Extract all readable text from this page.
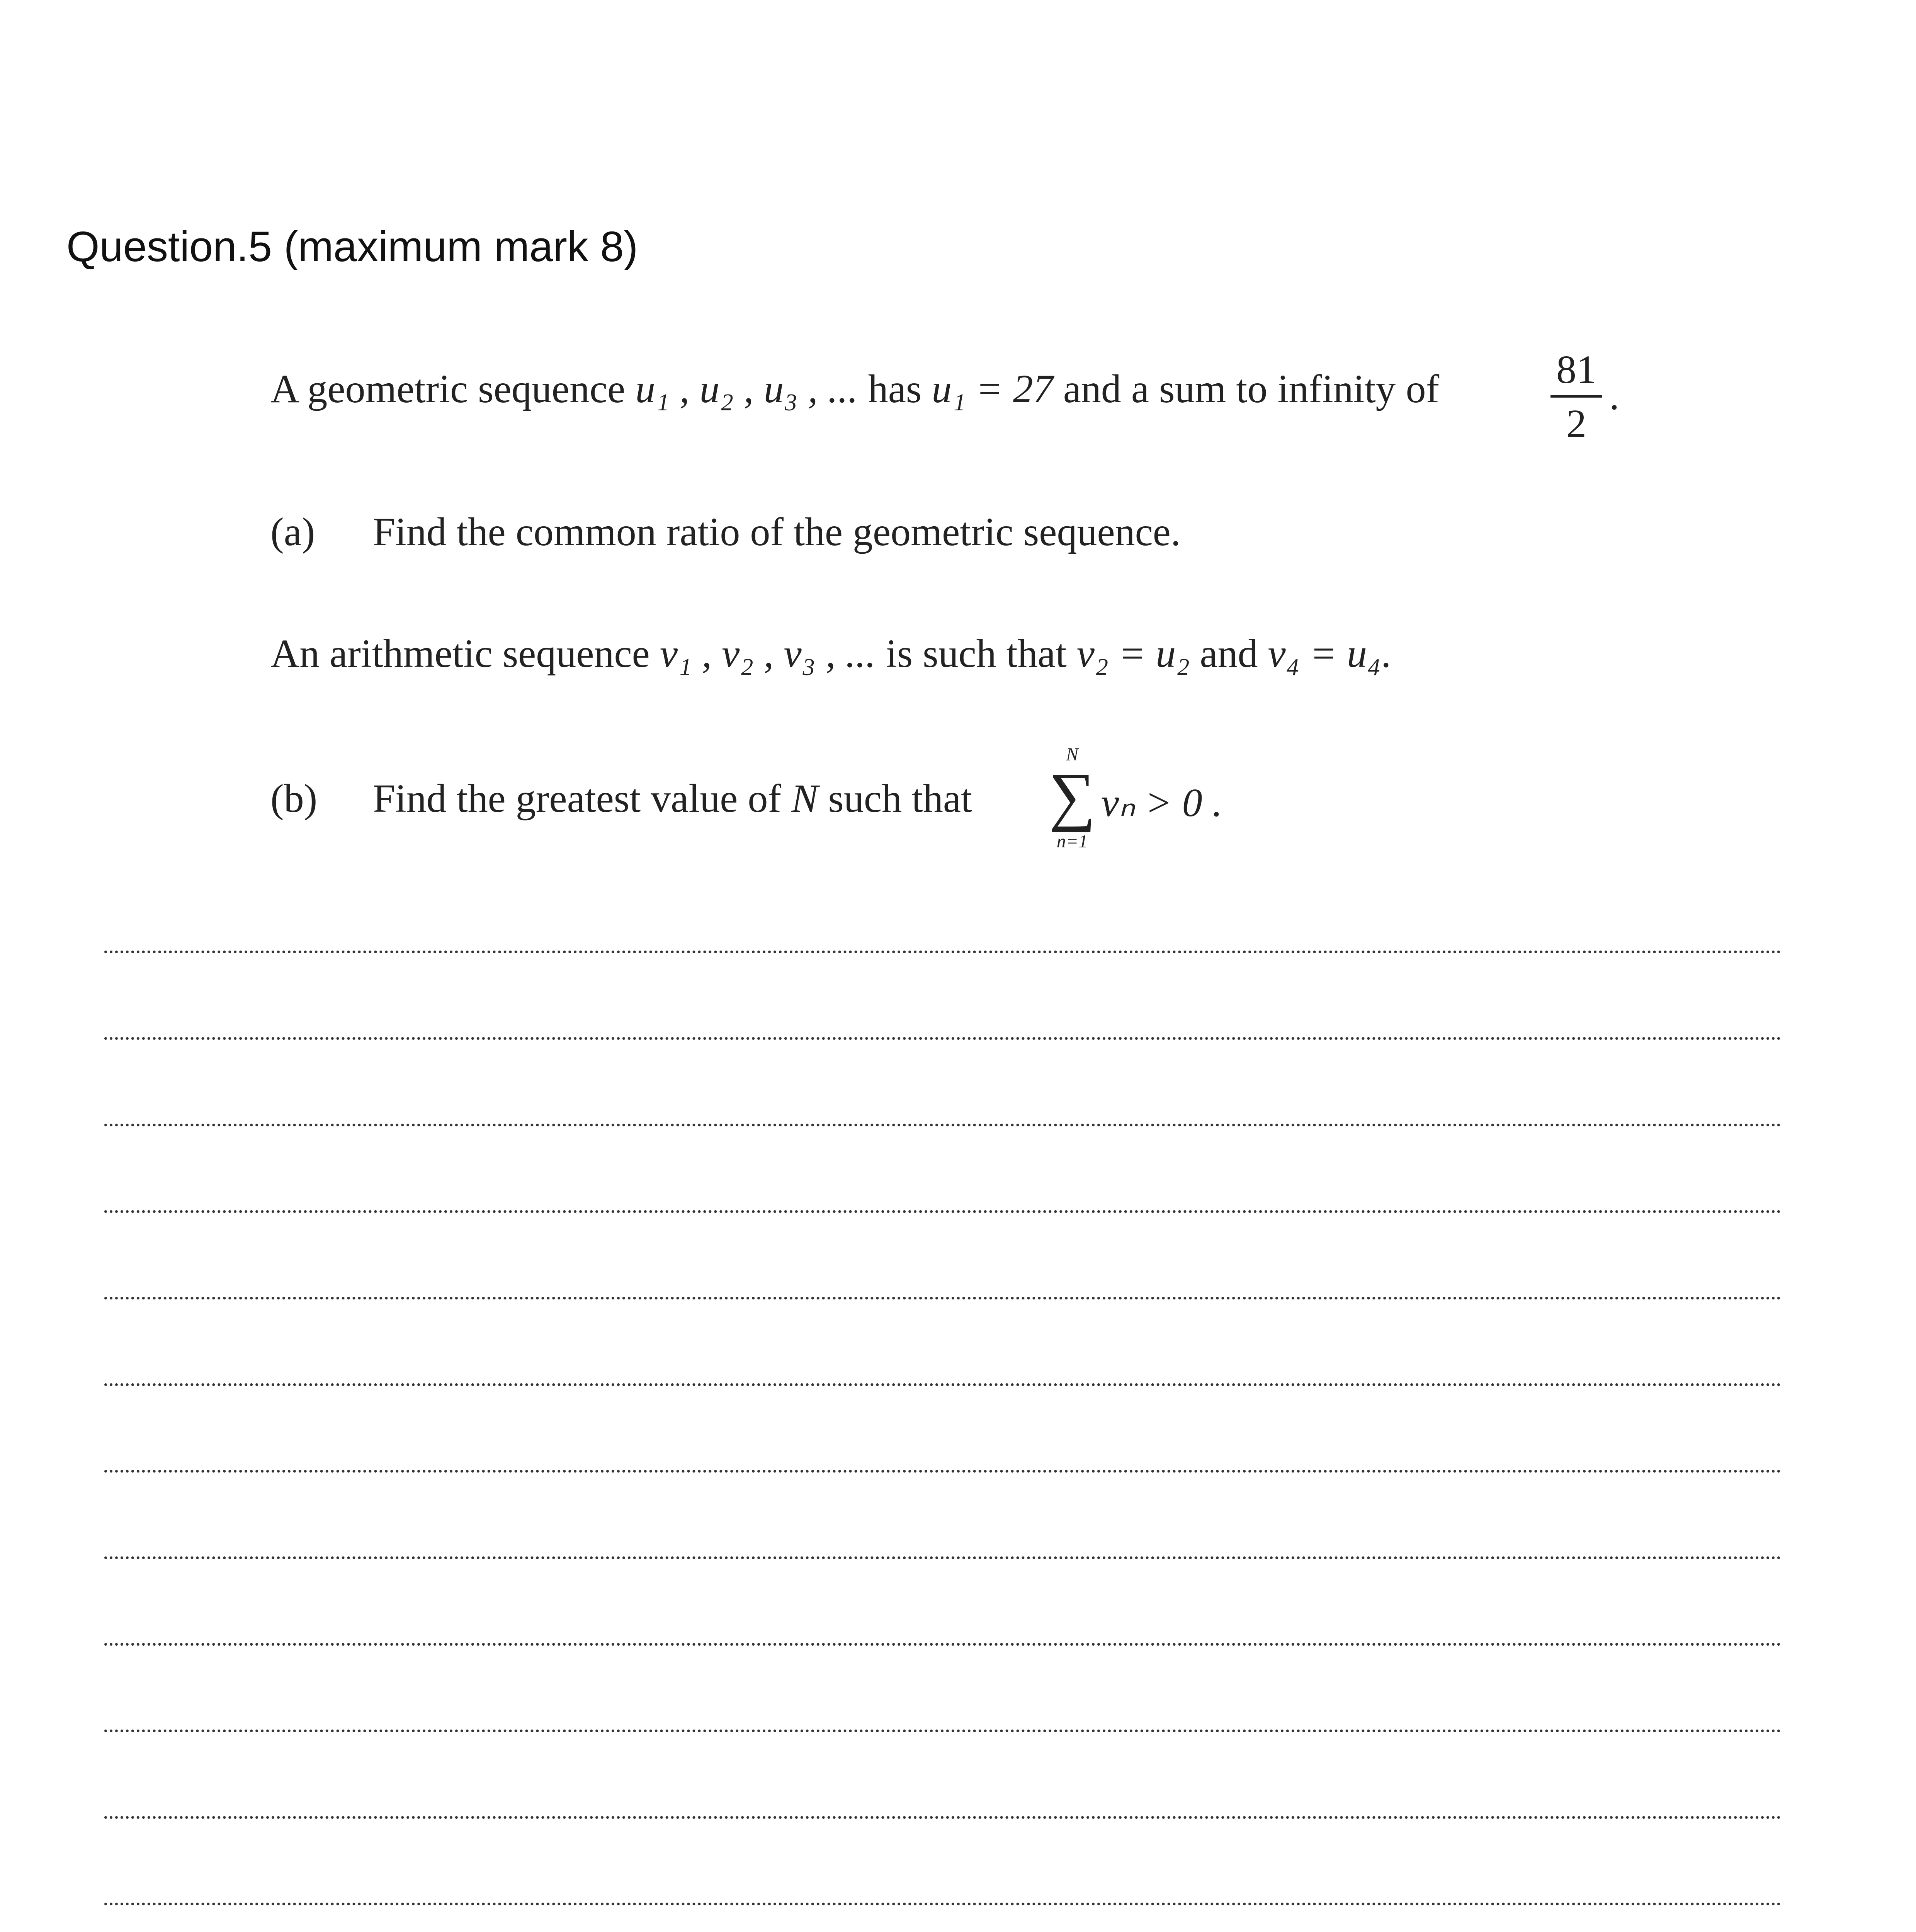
Question.5 (maximum mark 8)
A geometric sequence u₁ , u₂ , u₃ , ... has u₁ = 27 and a sum to infinity of	81
2
.
(a) Find the common ratio of the geometric sequence.
An arithmetic sequence v₁ , v₂ , v₃ , ... is such that v₂ = u₂ and v₄ = u₄.
(b) Find the greatest value of N such that
N
∑
n=1
vₙ > 0 .
